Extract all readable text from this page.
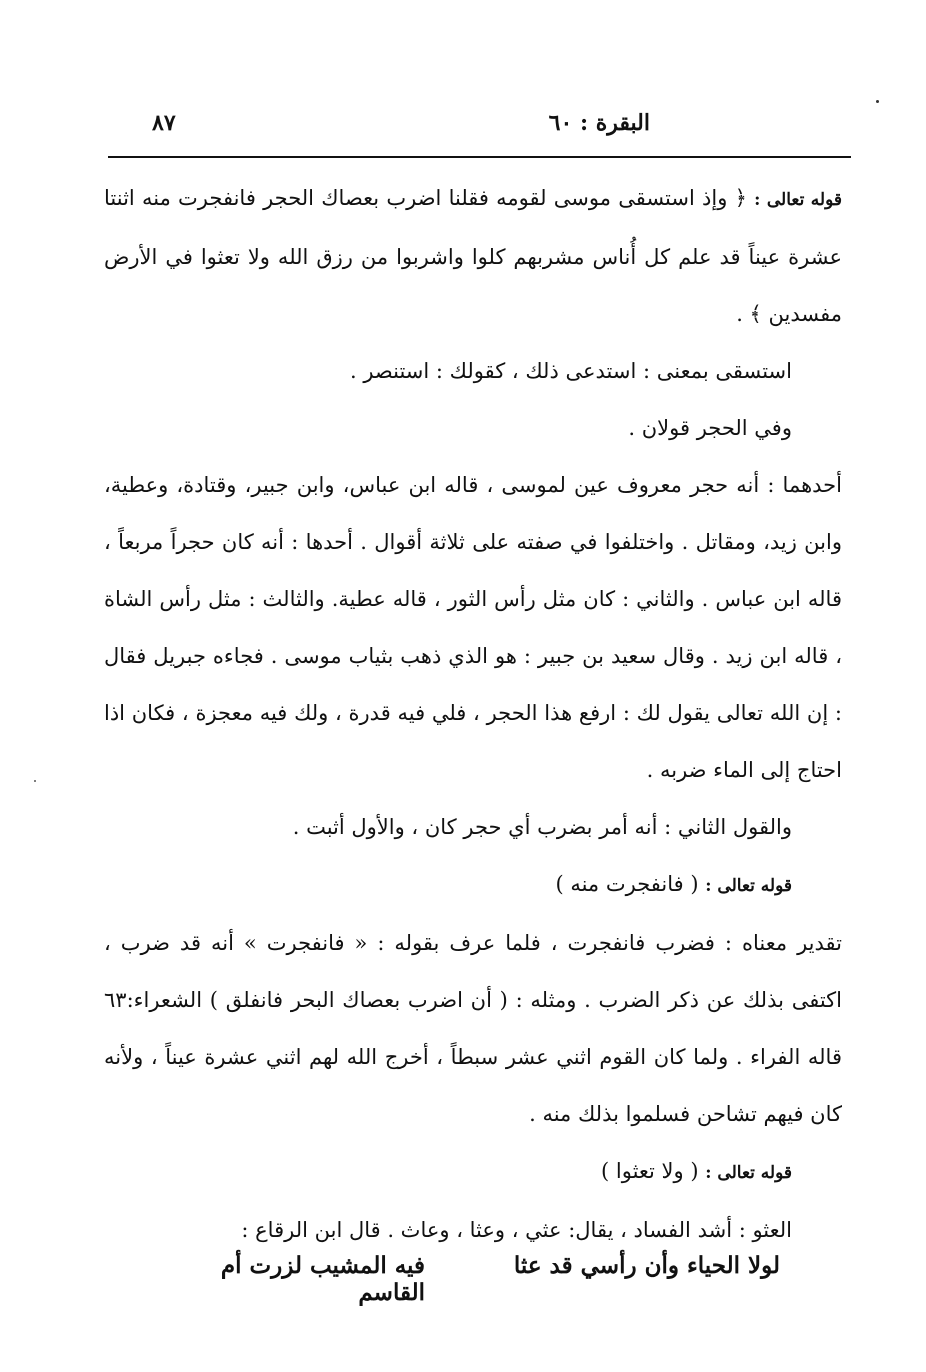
البقرة : ٦٠
٨٧

قوله تعالى : ﴿ وإذ استسقى موسى لقومه فقلنا اضرب بعصاك الحجر فانفجرت منه اثنتا عشرة عيناً قد علم كل أُناس مشربهم كلوا واشربوا من رزق الله ولا تعثوا في الأرض مفسدين ﴾ .

استسقى بمعنى : استدعى ذلك ، كقولك : استنصر .

وفي الحجر قولان .

أحدهما : أنه حجر معروف عين لموسى ، قاله ابن عباس، وابن جبير، وقتادة، وعطية، وابن زيد، ومقاتل . واختلفوا في صفته على ثلاثة أقوال . أحدها : أنه كان حجراً مربعاً ، قاله ابن عباس . والثاني : كان مثل رأس الثور ، قاله عطية. والثالث : مثل رأس الشاة ، قاله ابن زيد . وقال سعيد بن جبير : هو الذي ذهب بثياب موسى . فجاءه جبريل فقال : إن الله تعالى يقول لك : ارفع هذا الحجر ، فلي فيه قدرة ، ولك فيه معجزة ، فكان اذا احتاج إلى الماء ضربه .

والقول الثاني : أنه أمر بضرب أي حجر كان ، والأول أثبت .

قوله تعالى : ( فانفجرت منه )

تقدير معناه : فضرب فانفجرت ، فلما عرف بقوله : « فانفجرت » أنه قد ضرب ، اكتفى بذلك عن ذكر الضرب . ومثله : ( أن اضرب بعصاك البحر فانفلق ) الشعراء:٦٣ قاله الفراء . ولما كان القوم اثني عشر سبطاً ، أخرج الله لهم اثني عشرة عيناً ، ولأنه كان فيهم تشاحن فسلموا بذلك منه .

قوله تعالى : ( ولا تعثوا )

العثو : أشد الفساد ، يقال: عثي ، وعثا ، وعاث . قال ابن الرقاع :

لولا الحياء وأن رأسي قد عثا
فيه المشيب لزرت أم القاسم
